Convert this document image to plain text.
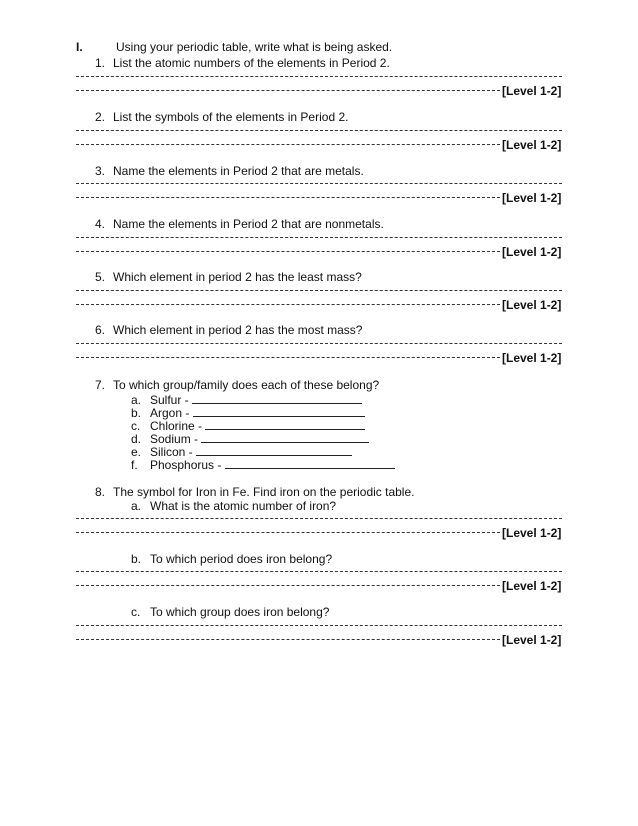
I.	Using your periodic table, write what is being asked.
1. List the atomic numbers of the elements in Period 2.
[Level 1-2]
2. List the symbols of the elements in Period 2.
[Level 1-2]
3. Name the elements in Period 2 that are metals.
[Level 1-2]
4. Name the elements in Period 2 that are nonmetals.
[Level 1-2]
5. Which element in period 2 has the least mass?
[Level 1-2]
6. Which element in period 2 has the most mass?
[Level 1-2]
7. To which group/family does each of these belong?
a. Sulfur -
b. Argon -
c. Chlorine -
d. Sodium -
e. Silicon -
f. Phosphorus -
8. The symbol for Iron in Fe. Find iron on the periodic table.
a. What is the atomic number of iron?
[Level 1-2]
b. To which period does iron belong?
[Level 1-2]
c. To which group does iron belong?
[Level 1-2]
